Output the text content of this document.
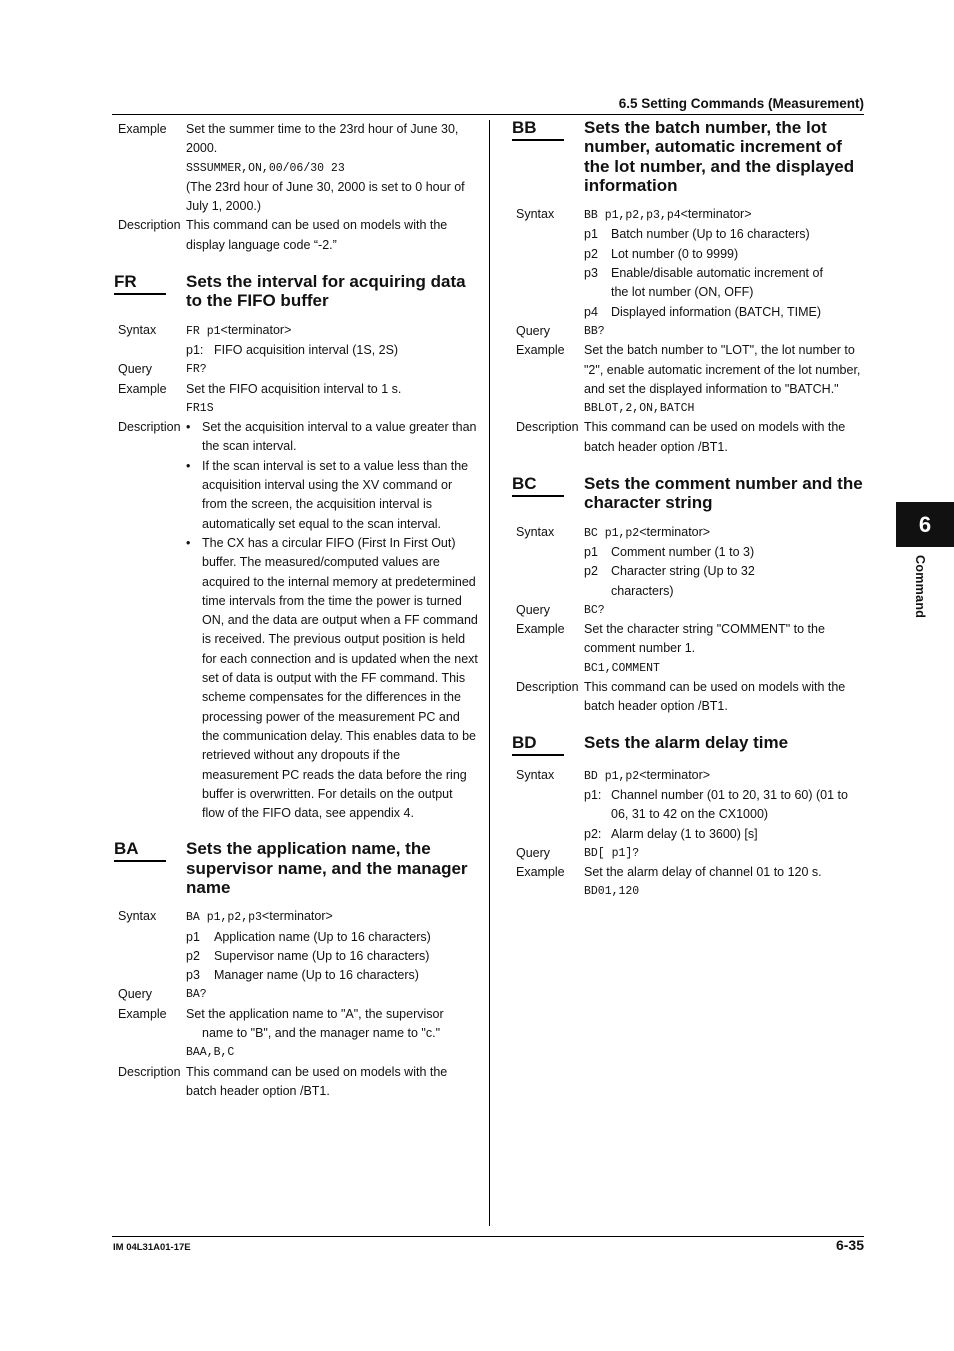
6.5 Setting Commands (Measurement)
IM 04L31A01-17E	6-35
6
Command
Example	Set the summer time to the 23rd hour of June 30, 2000.
SSSUMMER,ON,00/06/30 23
(The 23rd hour of June 30, 2000 is set to 0 hour of July 1, 2000.)
Description This command can be used on models with the display language code “-2.”
FR	Sets the interval for acquiring data to the FIFO buffer
Syntax	FR p1<terminator>
p1: FIFO acquisition interval (1S, 2S)
Query	FR?
Example	Set the FIFO acquisition interval to 1 s.
FR1S
Description • Set the acquisition interval to a value greater than the scan interval.
• If the scan interval is set to a value less than the acquisition interval using the XV command or from the screen, the acquisition interval is automatically set equal to the scan interval.
• The CX has a circular FIFO (First In First Out) buffer. The measured/computed values are acquired to the internal memory at predetermined time intervals from the time the power is turned ON, and the data are output when a FF command is received. The previous output position is held for each connection and is updated when the next set of data is output with the FF command. This scheme compensates for the differences in the processing power of the measurement PC and the communication delay. This enables data to be retrieved without any dropouts if the measurement PC reads the data before the ring buffer is overwritten. For details on the output flow of the FIFO data, see appendix 4.
BA	Sets the application name, the supervisor name, and the manager name
Syntax	BA p1,p2,p3<terminator>
p1	Application name (Up to 16 characters)
p2	Supervisor name (Up to 16 characters)
p3	Manager name (Up to 16 characters)
Query	BA?
Example	Set the application name to "A", the supervisor
name to "B", and the manager name to "c."
BAA,B,C
Description This command can be used on models with the batch header option /BT1.
BB	Sets the batch number, the lot number, automatic increment of the lot number, and the displayed information
Syntax	BB p1,p2,p3,p4<terminator>
p1	Batch number (Up to 16 characters)
p2	Lot number (0 to 9999)
p3	Enable/disable automatic increment of the lot number (ON, OFF)
p4	Displayed information (BATCH, TIME)
Query	BB?
Example	Set the batch number to "LOT", the lot number to "2", enable automatic increment of the lot number, and set the displayed information to "BATCH."
BBLOT,2,ON,BATCH
Description This command can be used on models with the batch header option /BT1.
BC	Sets the comment number and the character string
Syntax	BC p1,p2<terminator>
p1	Comment number (1 to 3)
p2	Character string (Up to 32 characters)
Query	BC?
Example	Set the character string "COMMENT" to the comment number 1.
BC1,COMMENT
Description This command can be used on models with the batch header option /BT1.
BD	Sets the alarm delay time
Syntax	BD p1,p2<terminator>
p1: Channel number (01 to 20, 31 to 60) (01 to 06, 31 to 42 on the CX1000)
p2: Alarm delay (1 to 3600) [s]
Query	BD[ p1]?
Example	Set the alarm delay of channel 01 to 120 s.
BD01,120
